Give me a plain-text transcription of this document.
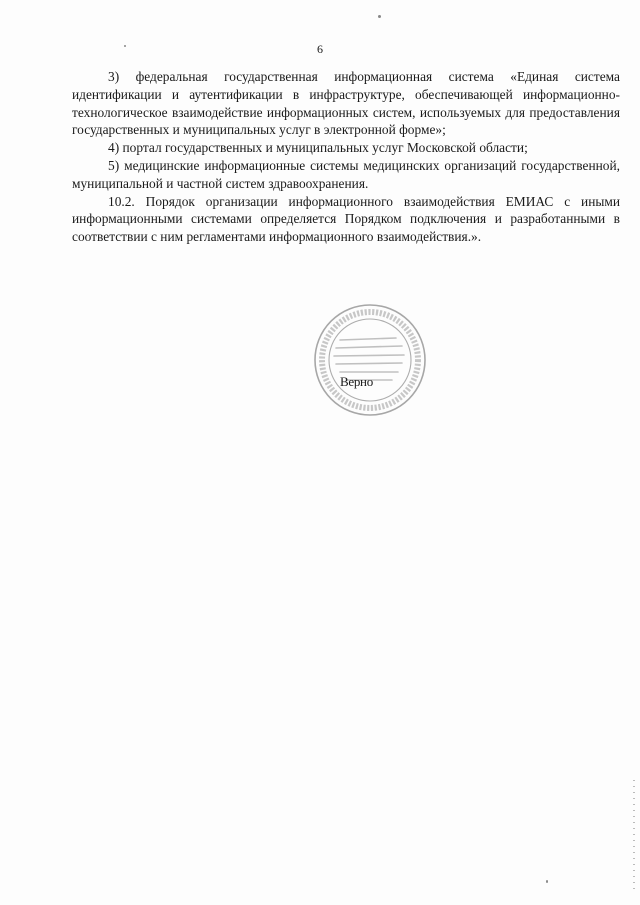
6

3) федеральная государственная информационная система «Единая система идентификации и аутентификации в инфраструктуре, обеспечивающей информационно-технологическое взаимодействие информационных систем, используемых для предоставления государственных и муниципальных услуг в электронной форме»;

4) портал государственных и муниципальных услуг Московской области;

5) медицинские информационные системы медицинских организаций государственной, муниципальной и частной систем здравоохранения.

10.2. Порядок организации информационного взаимодействия ЕМИАС с иными информационными системами определяется Порядком подключения и разработанными в соответствии с ним регламентами информационного взаимодействия.».

Верно
